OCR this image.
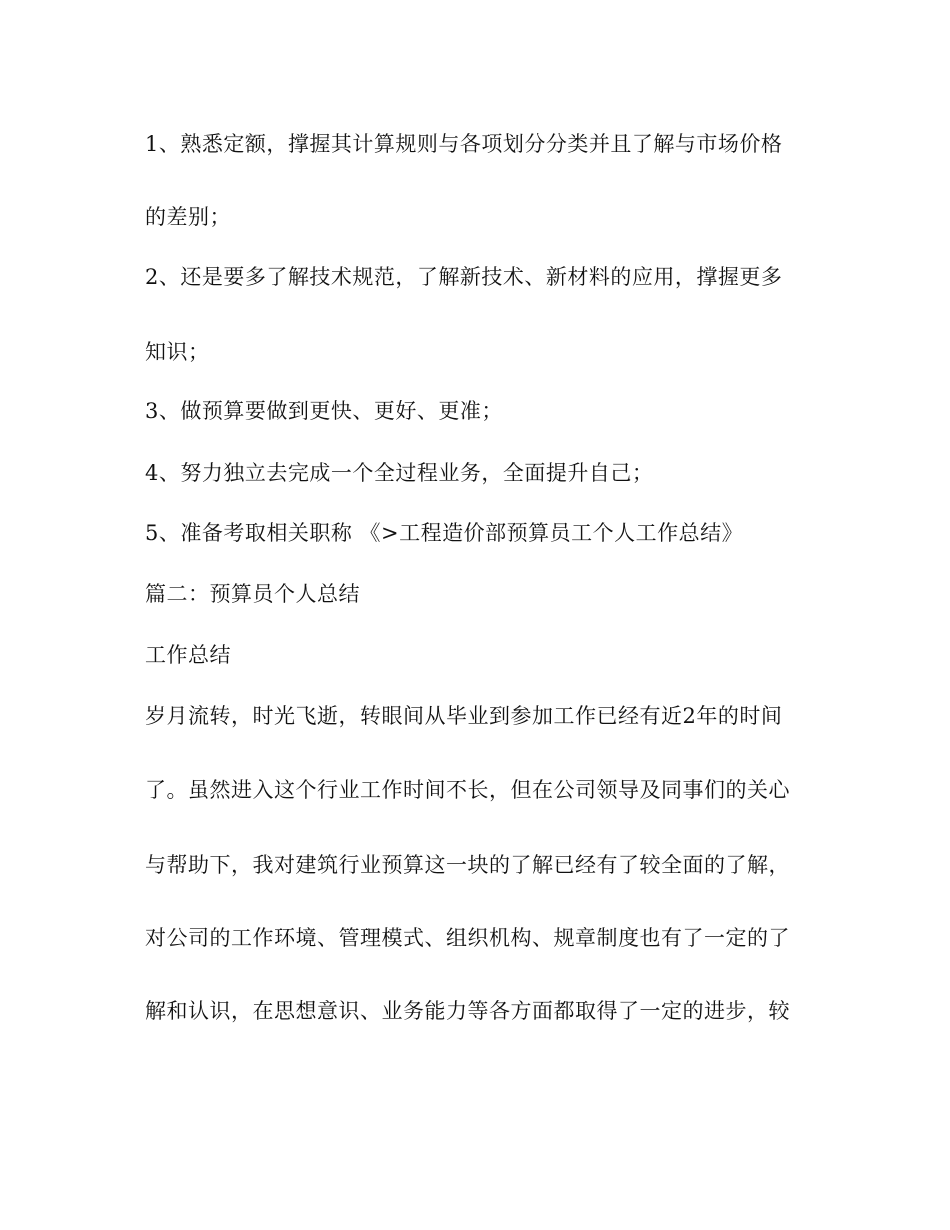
1、熟悉定额，撑握其计算规则与各项划分分类并且了解与市场价格
的差别；
2、还是要多了解技术规范，了解新技术、新材料的应用，撑握更多
知识；
3、做预算要做到更快、更好、更准；
4、努力独立去完成一个全过程业务，全面提升自己；
5、准备考取相关职称 《>工程造价部预算员工个人工作总结》
篇二：预算员个人总结
工作总结
岁月流转，时光飞逝，转眼间从毕业到参加工作已经有近2年的时间
了。虽然进入这个行业工作时间不长，但在公司领导及同事们的关心
与帮助下，我对建筑行业预算这一块的了解已经有了较全面的了解，
对公司的工作环境、管理模式、组织机构、规章制度也有了一定的了
解和认识，在思想意识、业务能力等各方面都取得了一定的进步，较
